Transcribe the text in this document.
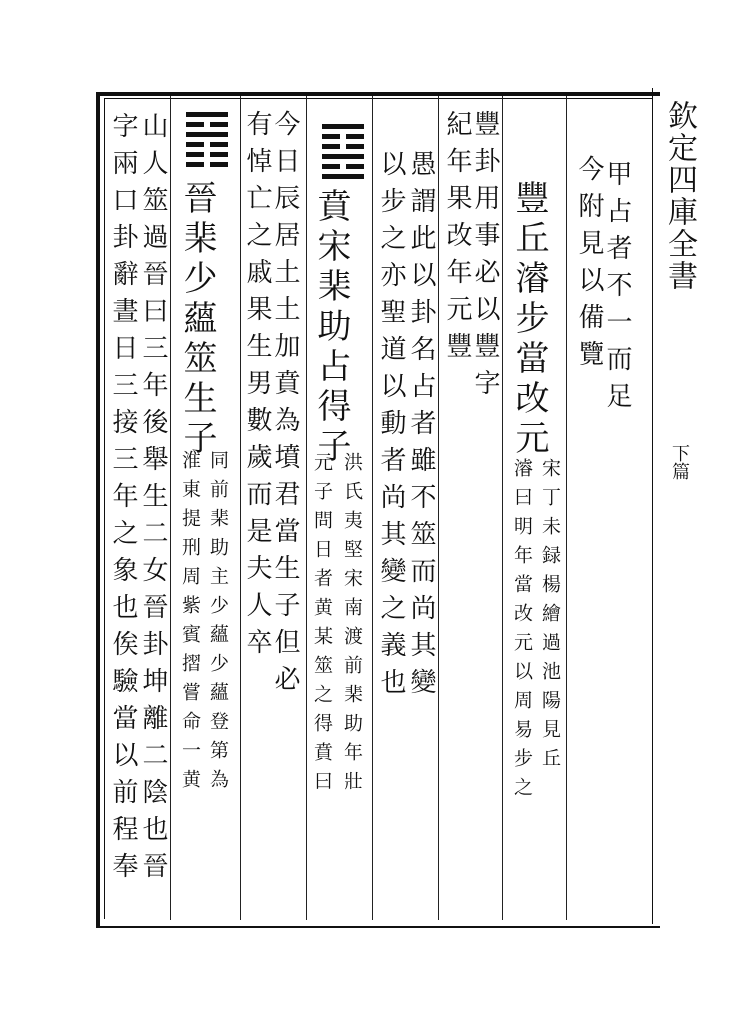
欽定四庫全書
下篇
甲占者不一而足
今附見以備覽
豐丘濬步當改元
濬曰明年當改元以周易步之 宋丁未録楊繪過池陽見丘
豐卦用事必以豐字
紀年果改年元豐
愚謂此以卦名占者雖不筮而尚其變
以步之亦聖道以動者尚其變之義也
賁宋棐助占得子
洪氏夷堅宋南渡前棐助年壯
元子問日者黄某筮之得賁曰
今日辰居土土加賁為墳君當生子但必
有悼亡之戚果生男數歲而是夫人卒
晉棐少蘊筮生子
同前棐助主少蘊少蘊登第為
淮東提刑周紫賓摺嘗命一黄
山人筮過晉曰三年後舉生二女晉卦坤離二陰也晉
字兩口卦辭晝日三接三年之象也俟驗當以前程奉
